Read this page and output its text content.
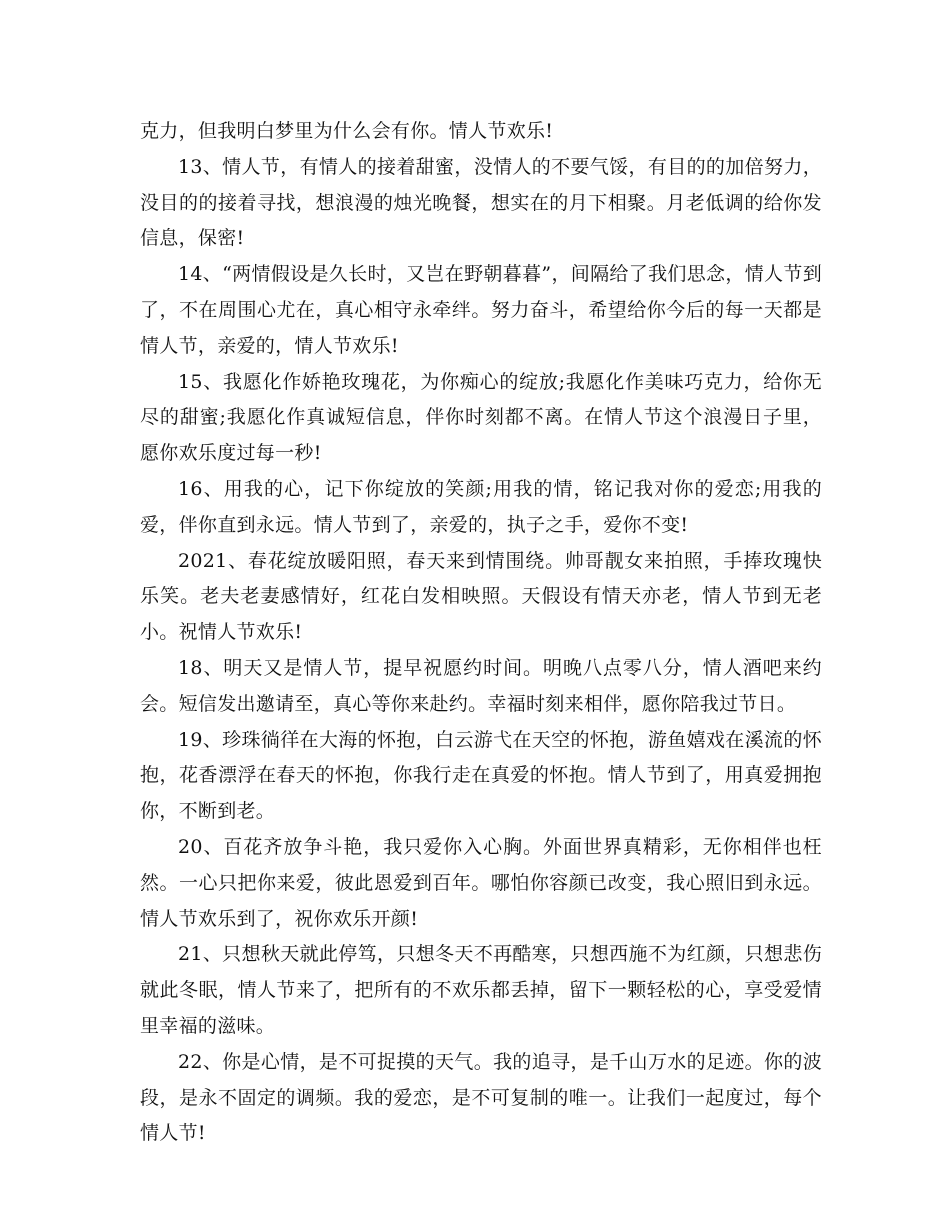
克力，但我明白梦里为什么会有你。情人节欢乐!

13、情人节，有情人的接着甜蜜，没情人的不要气馁，有目的的加倍努力，没目的的接着寻找，想浪漫的烛光晚餐，想实在的月下相聚。月老低调的给你发信息，保密!

14、“两情假设是久长时，又岂在野朝暮暮”，间隔给了我们思念，情人节到了，不在周围心尤在，真心相守永牵绊。努力奋斗，希望给你今后的每一天都是情人节，亲爱的，情人节欢乐!

15、我愿化作娇艳玫瑰花，为你痴心的绽放;我愿化作美味巧克力，给你无尽的甜蜜;我愿化作真诚短信息，伴你时刻都不离。在情人节这个浪漫日子里，愿你欢乐度过每一秒!

16、用我的心，记下你绽放的笑颜;用我的情，铭记我对你的爱恋;用我的爱，伴你直到永远。情人节到了，亲爱的，执子之手，爱你不变!

2021、春花绽放暖阳照，春天来到情围绕。帅哥靓女来拍照，手捧玫瑰快乐笑。老夫老妻感情好，红花白发相映照。天假设有情天亦老，情人节到无老小。祝情人节欢乐!

18、明天又是情人节，提早祝愿约时间。明晚八点零八分，情人酒吧来约会。短信发出邀请至，真心等你来赴约。幸福时刻来相伴，愿你陪我过节日。

19、珍珠徜徉在大海的怀抱，白云游弋在天空的怀抱，游鱼嬉戏在溪流的怀抱，花香漂浮在春天的怀抱，你我行走在真爱的怀抱。情人节到了，用真爱拥抱你，不断到老。

20、百花齐放争斗艳，我只爱你入心胸。外面世界真精彩，无你相伴也枉然。一心只把你来爱，彼此恩爱到百年。哪怕你容颜已改变，我心照旧到永远。情人节欢乐到了，祝你欢乐开颜!

21、只想秋天就此停笃，只想冬天不再酷寒，只想西施不为红颜，只想悲伤就此冬眠，情人节来了，把所有的不欢乐都丢掉，留下一颗轻松的心，享受爱情里幸福的滋味。

22、你是心情，是不可捉摸的天气。我的追寻，是千山万水的足迹。你的波段，是永不固定的调频。我的爱恋，是不可复制的唯一。让我们一起度过，每个情人节!
